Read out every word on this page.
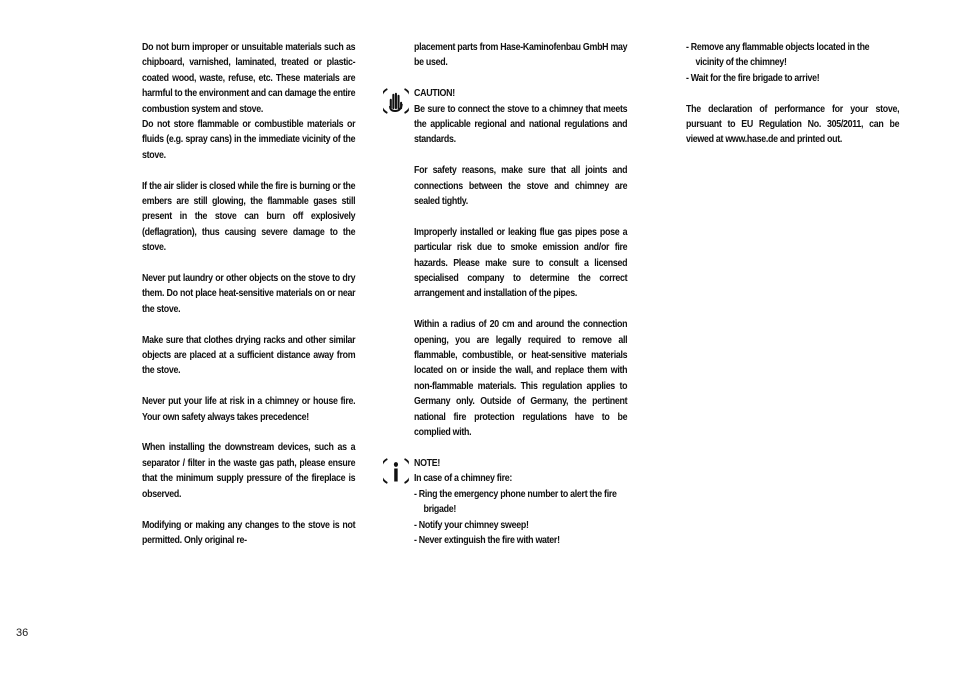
Do not burn improper or unsuitable materials such as chipboard, varnished, laminated, treated or plastic-coated wood, waste, refuse, etc. These materials are harmful to the environment and can damage the entire combustion system and stove.

Do not store flammable or combustible materials or fluids (e.g. spray cans) in the immediate vicinity of the stove.

If the air slider is closed while the fire is burning or the embers are still glowing, the flammable gases still present in the stove can burn off explosively (deflagration), thus causing severe damage to the stove.

Never put laundry or other objects on the stove to dry them. Do not place heat-sensitive materials on or near the stove.

Make sure that clothes drying racks and other similar objects are placed at a sufficient distance away from the stove.

Never put your life at risk in a chimney or house fire. Your own safety always takes precedence!

When installing the downstream devices, such as a separator / filter in the waste gas path, please ensure that the minimum supply pressure of the fireplace is observed.

Modifying or making any changes to the stove is not permitted. Only original re-

placement parts from Hase-Kaminofenbau GmbH may be used.

CAUTION!

Be sure to connect the stove to a chimney that meets the applicable regional and national regulations and standards.

For safety reasons, make sure that all joints and connections between the stove and chimney are sealed tightly.

Improperly installed or leaking flue gas pipes pose a particular risk due to smoke emission and/or fire hazards. Please make sure to consult a licensed specialised company to determine the correct arrangement and installation of the pipes.

Within a radius of 20 cm and around the connection opening, you are legally required to remove all flammable, combustible, or heat-sensitive materials located on or inside the wall, and replace them with non-flammable materials. This regulation applies to Germany only. Outside of Germany, the pertinent national fire protection regulations have to be complied with.

NOTE!

In case of a chimney fire:

- Ring the emergency phone number to alert the fire brigade!

- Notify your chimney sweep!

- Never extinguish the fire with water!

- Remove any flammable objects located in the vicinity of the chimney!

- Wait for the fire brigade to arrive!

The declaration of performance for your stove, pursuant to EU Regulation No. 305/2011, can be viewed at www.hase.de and printed out.

36
